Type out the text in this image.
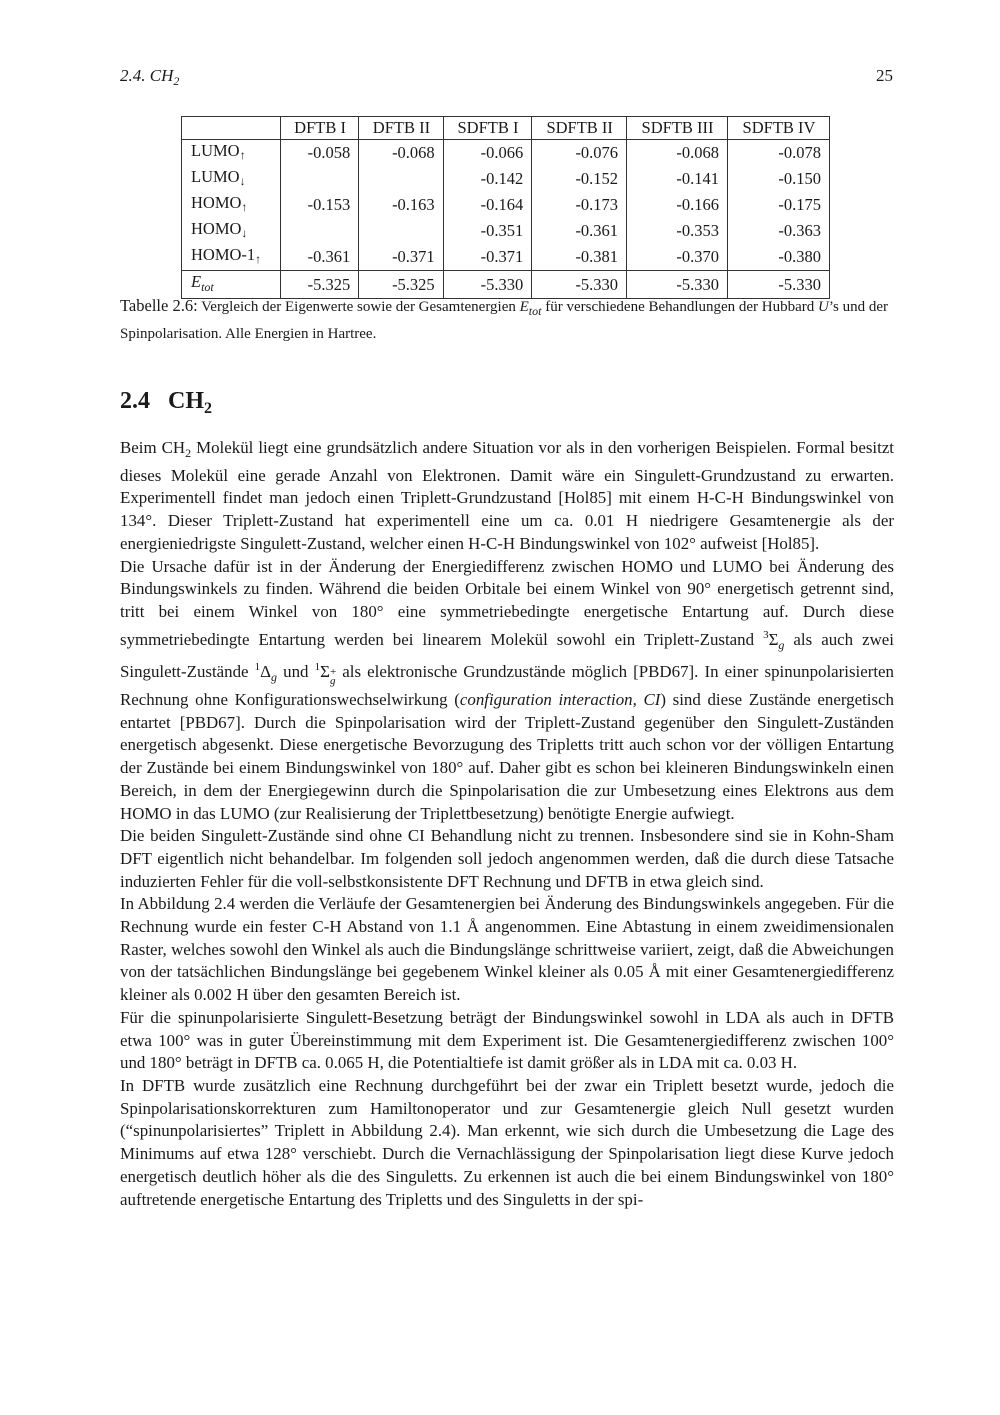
2.4. $CH_2$	25
	DFTB I	DFTB II	SDFTB I	SDFTB II	SDFTB III	SDFTB IV
LUMO↑	-0.058	-0.068	-0.066	-0.076	-0.068	-0.078
LUMO↓			-0.142	-0.152	-0.141	-0.150
HOMO↑	-0.153	-0.163	-0.164	-0.173	-0.166	-0.175
HOMO↓			-0.351	-0.361	-0.353	-0.363
HOMO-1↑	-0.361	-0.371	-0.371	-0.381	-0.370	-0.380
$E_{tot}$	-5.325	-5.325	-5.330	-5.330	-5.330	-5.330
Tabelle 2.6: Vergleich der Eigenwerte sowie der Gesamtenergien $E_{tot}$ für verschiedene Behandlungen der Hubbard U’s und der Spinpolarisation. Alle Energien in Hartree.
2.4 $CH_2$

Beim $CH_2$ Molekül liegt eine grundsätzlich andere Situation vor als in den vorherigen Beispielen. Formal besitzt dieses Molekül eine gerade Anzahl von Elektronen. Damit wäre ein Singulett-Grundzustand zu erwarten. Experimentell findet man jedoch einen Triplett-Grundzustand [Hol85] mit einem H-C-H Bindungswinkel von 134°. Dieser Triplett-Zustand hat experimentell eine um ca. 0.01 H niedrigere Gesamtenergie als der energieniedrigste Singulett-Zustand, welcher einen H-C-H Bindungswinkel von 102° aufweist [Hol85].

Die Ursache dafür ist in der Änderung der Energiedifferenz zwischen HOMO und LUMO bei Änderung des Bindungswinkels zu finden. Während die beiden Orbitale bei einem Winkel von 90° energetisch getrennt sind, tritt bei einem Winkel von 180° eine symmetriebedingte energetische Entartung auf. Durch diese symmetriebedingte Entartung werden bei linearem Molekül sowohl ein Triplett-Zustand $^3\Sigma_g$ als auch zwei Singulett-Zustände $^1\Delta_g$ und $^1$Σ +
g als elektronische Grundzustände möglich [PBD67]. In einer spinunpolarisierten Rechnung ohne Konfigurationswechselwirkung (configuration interaction, CI) sind diese Zustände energetisch entartet [PBD67]. Durch die Spinpolarisation wird der Triplett-Zustand gegenüber den Singulett-Zuständen energetisch abgesenkt. Diese energetische Bevorzugung des Tripletts tritt auch schon vor der völligen Entartung der Zustände bei einem Bindungswinkel von 180° auf. Daher gibt es schon bei kleineren Bindungswinkeln einen Bereich, in dem der Energiegewinn durch die Spinpolarisation die zur Umbesetzung eines Elektrons aus dem HOMO in das LUMO (zur Realisierung der Triplettbesetzung) benötigte Energie aufwiegt.

Die beiden Singulett-Zustände sind ohne CI Behandlung nicht zu trennen. Insbesondere sind sie in Kohn-Sham DFT eigentlich nicht behandelbar. Im folgenden soll jedoch angenommen werden, daß die durch diese Tatsache induzierten Fehler für die voll-selbstkonsistente DFT Rechnung und DFTB in etwa gleich sind.

In Abbildung 2.4 werden die Verläufe der Gesamtenergien bei Änderung des Bindungswinkels angegeben. Für die Rechnung wurde ein fester C-H Abstand von 1.1 Å angenommen. Eine Abtastung in einem zweidimensionalen Raster, welches sowohl den Winkel als auch die Bindungslänge schrittweise variiert, zeigt, daß die Abweichungen von der tatsächlichen Bindungslänge bei gegebenem Winkel kleiner als 0.05 Å mit einer Gesamtenergiedifferenz kleiner als 0.002 H über den gesamten Bereich ist.

Für die spinunpolarisierte Singulett-Besetzung beträgt der Bindungswinkel sowohl in LDA als auch in DFTB etwa 100° was in guter Übereinstimmung mit dem Experiment ist. Die Gesamtenergiedifferenz zwischen 100° und 180° beträgt in DFTB ca. 0.065 H, die Potentialtiefe ist damit größer als in LDA mit ca. 0.03 H.

In DFTB wurde zusätzlich eine Rechnung durchgeführt bei der zwar ein Triplett besetzt wurde, jedoch die Spinpolarisationskorrekturen zum Hamiltonoperator und zur Gesamtenergie gleich Null gesetzt wurden (“spinunpolarisiertes” Triplett in Abbildung 2.4). Man erkennt, wie sich durch die Umbesetzung die Lage des Minimums auf etwa 128° verschiebt. Durch die Vernachlässigung der Spinpolarisation liegt diese Kurve jedoch energetisch deutlich höher als die des Singuletts. Zu erkennen ist auch die bei einem Bindungswinkel von 180° auftretende energetische Entartung des Tripletts und des Singuletts in der spi-
